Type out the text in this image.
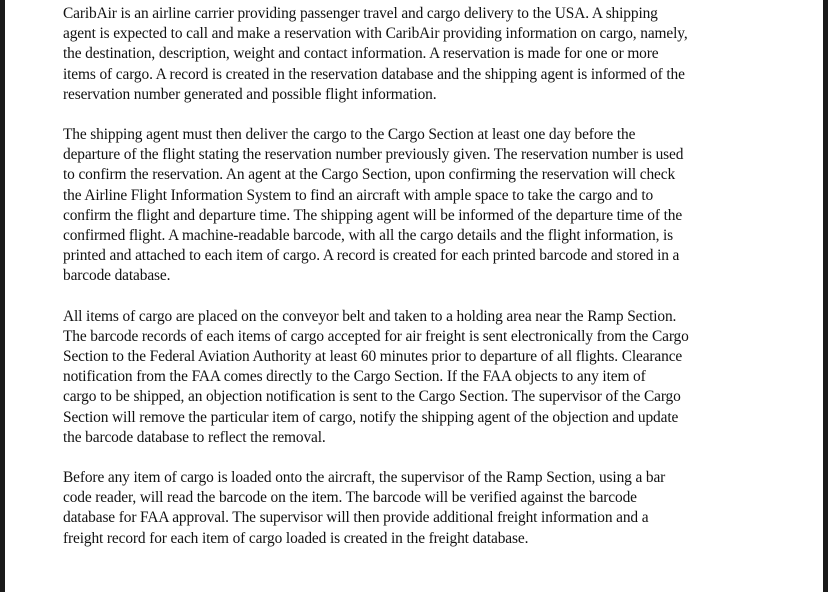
CaribAir is an airline carrier providing passenger travel and cargo delivery to the USA. A shipping
agent is expected to call and make a reservation with CaribAir providing information on cargo, namely,
the destination, description, weight and contact information. A reservation is made for one or more
items of cargo. A record is created in the reservation database and the shipping agent is informed of the
reservation number generated and possible flight information.

The shipping agent must then deliver the cargo to the Cargo Section at least one day before the
departure of the flight stating the reservation number previously given. The reservation number is used
to confirm the reservation. An agent at the Cargo Section, upon confirming the reservation will check
the Airline Flight Information System to find an aircraft with ample space to take the cargo and to
confirm the flight and departure time. The shipping agent will be informed of the departure time of the
confirmed flight. A machine-readable barcode, with all the cargo details and the flight information, is
printed and attached to each item of cargo. A record is created for each printed barcode and stored in a
barcode database.

All items of cargo are placed on the conveyor belt and taken to a holding area near the Ramp Section.
The barcode records of each items of cargo accepted for air freight is sent electronically from the Cargo
Section to the Federal Aviation Authority at least 60 minutes prior to departure of all flights. Clearance
notification from the FAA comes directly to the Cargo Section. If the FAA objects to any item of
cargo to be shipped, an objection notification is sent to the Cargo Section. The supervisor of the Cargo
Section will remove the particular item of cargo, notify the shipping agent of the objection and update
the barcode database to reflect the removal.

Before any item of cargo is loaded onto the aircraft, the supervisor of the Ramp Section, using a bar
code reader, will read the barcode on the item. The barcode will be verified against the barcode
database for FAA approval. The supervisor will then provide additional freight information and a
freight record for each item of cargo loaded is created in the freight database.
